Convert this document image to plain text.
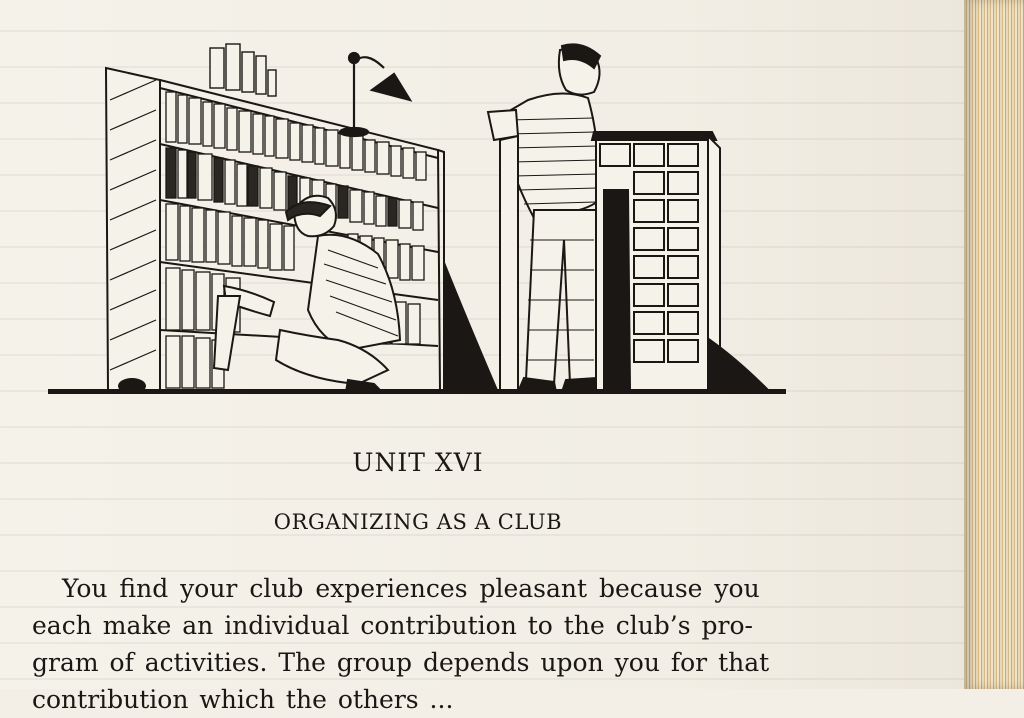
UNIT XVI
ORGANIZING AS A CLUB
You find your club experiences pleasant because you
each make an individual contribution to the club’s pro-
gram of activities. The group depends upon you for that
contribution which the others ...
